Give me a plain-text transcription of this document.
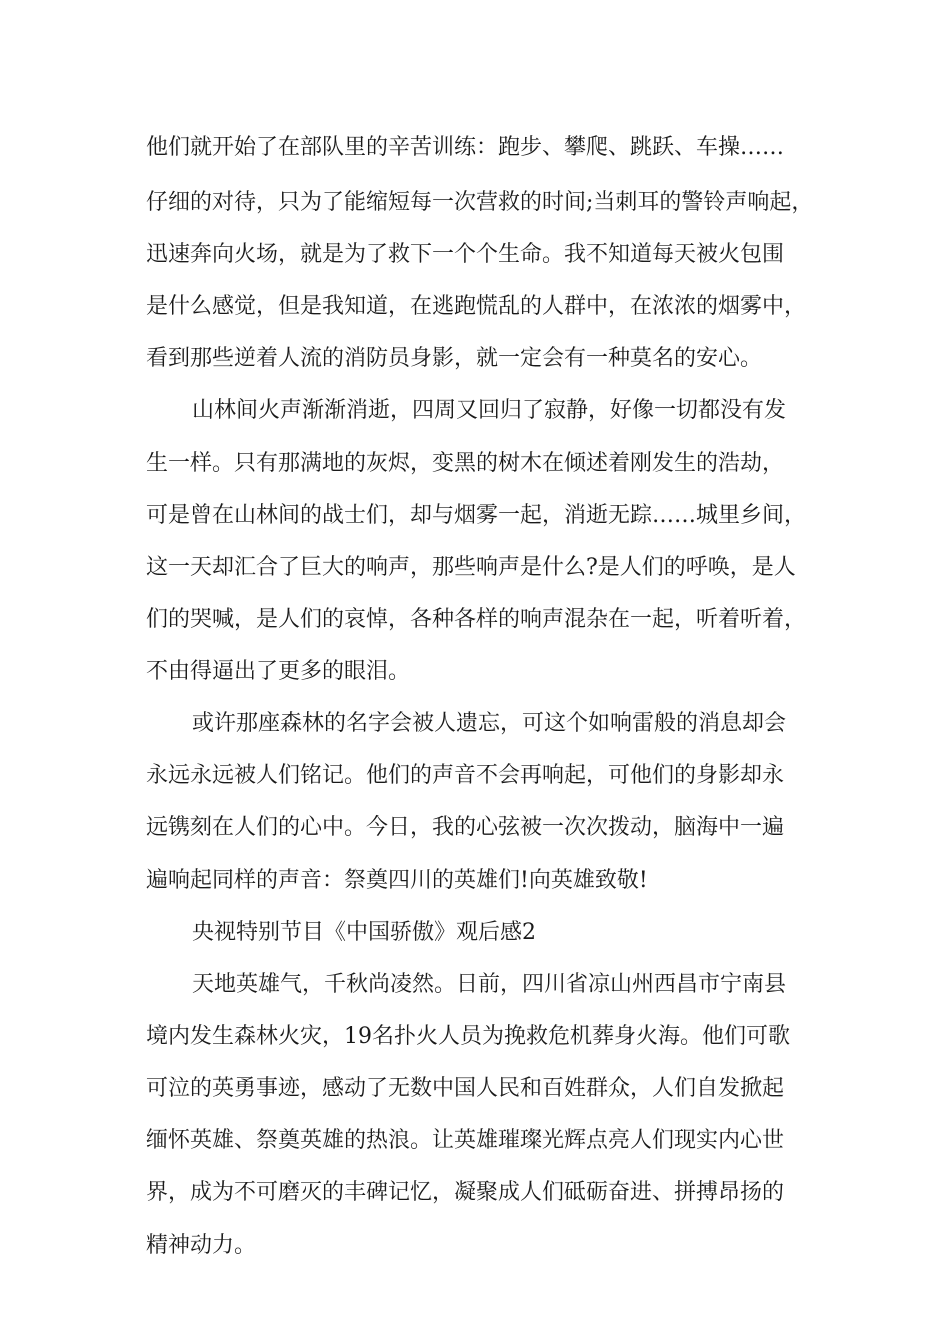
他们就开始了在部队里的辛苦训练：跑步、攀爬、跳跃、车操……
仔细的对待，只为了能缩短每一次营救的时间;当刺耳的警铃声响起，
迅速奔向火场，就是为了救下一个个生命。我不知道每天被火包围
是什么感觉，但是我知道，在逃跑慌乱的人群中，在浓浓的烟雾中，
看到那些逆着人流的消防员身影，就一定会有一种莫名的安心。
山林间火声渐渐消逝，四周又回归了寂静，好像一切都没有发
生一样。只有那满地的灰烬，变黑的树木在倾述着刚发生的浩劫，
可是曾在山林间的战士们，却与烟雾一起，消逝无踪……城里乡间，
这一天却汇合了巨大的响声，那些响声是什么?是人们的呼唤，是人
们的哭喊，是人们的哀悼，各种各样的响声混杂在一起，听着听着，
不由得逼出了更多的眼泪。
或许那座森林的名字会被人遗忘，可这个如响雷般的消息却会
永远永远被人们铭记。他们的声音不会再响起，可他们的身影却永
远镌刻在人们的心中。今日，我的心弦被一次次拨动，脑海中一遍
遍响起同样的声音：祭奠四川的英雄们!向英雄致敬!
央视特别节目《中国骄傲》观后感2
天地英雄气，千秋尚凌然。日前，四川省凉山州西昌市宁南县
境内发生森林火灾，19名扑火人员为挽救危机葬身火海。他们可歌
可泣的英勇事迹，感动了无数中国人民和百姓群众，人们自发掀起
缅怀英雄、祭奠英雄的热浪。让英雄璀璨光辉点亮人们现实内心世
界，成为不可磨灭的丰碑记忆，凝聚成人们砥砺奋进、拼搏昂扬的
精神动力。
